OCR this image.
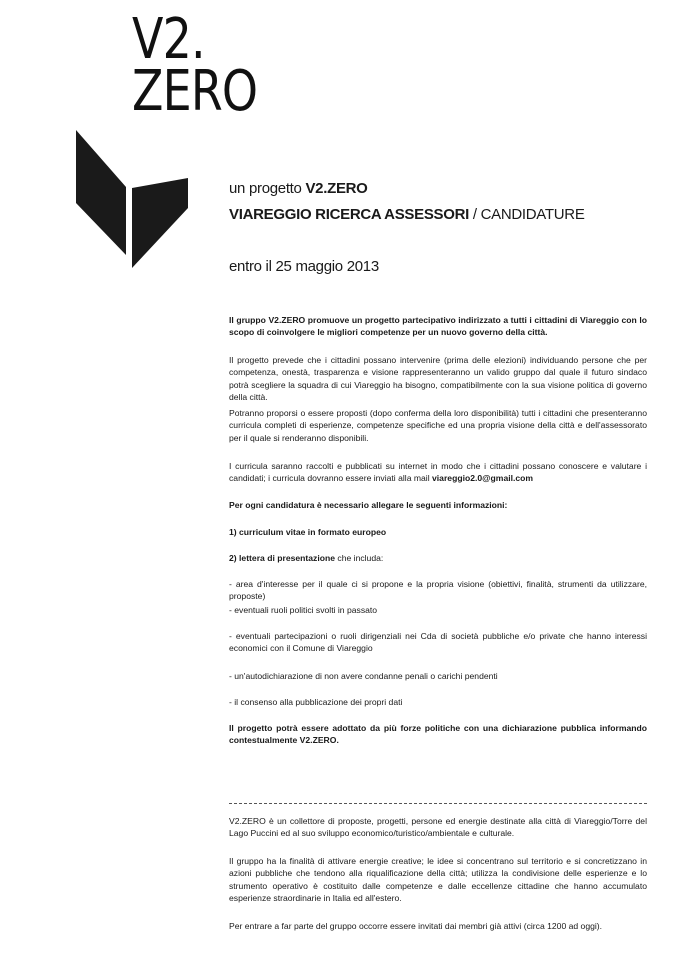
V2.
ZERO
un progetto V2.ZERO
VIAREGGIO RICERCA ASSESSORI / CANDIDATURE
entro il 25 maggio 2013

Il gruppo V2.ZERO promuove un progetto partecipativo indirizzato a tutti i cittadini di Viareggio con lo scopo di coinvolgere le migliori competenze per un nuovo governo della città.

Il progetto prevede che i cittadini possano intervenire (prima delle elezioni) individuando persone che per competenza, onestà, trasparenza e visione rappresenteranno un valido gruppo dal quale il futuro sindaco potrà scegliere la squadra di cui Viareggio ha bisogno, compatibilmente con la sua visione politica di governo della città.

Potranno proporsi o essere proposti (dopo conferma della loro disponibilità) tutti i cittadini che presenteranno curricula completi di esperienze, competenze specifiche ed una propria visione della città e dell'assessorato per il quale si renderanno disponibili.

I curricula saranno raccolti e pubblicati su internet in modo che i cittadini possano conoscere e valutare i candidati; i curricula dovranno essere inviati alla mail viareggio2.0@gmail.com

Per ogni candidatura è necessario allegare le seguenti informazioni:

1) curriculum vitae in formato europeo

2) lettera di presentazione che includa:

- area d'interesse per il quale ci si propone e la propria visione (obiettivi, finalità, strumenti da utilizzare, proposte)

- eventuali ruoli politici svolti in passato

- eventuali partecipazioni o ruoli dirigenziali nei Cda di società pubbliche e/o private che hanno interessi economici con il Comune di Viareggio

- un'autodichiarazione di non avere condanne penali o carichi pendenti

- il consenso alla pubblicazione dei propri dati

Il progetto potrà essere adottato da più forze politiche con una dichiarazione pubblica informando contestualmente V2.ZERO.

V2.ZERO è un collettore di proposte, progetti, persone ed energie destinate alla città di Viareggio/Torre del Lago Puccini ed al suo sviluppo economico/turistico/ambientale e culturale.

Il gruppo ha la finalità di attivare energie creative; le idee si concentrano sul territorio e si concretizzano in azioni pubbliche che tendono alla riqualificazione della città; utilizza la condivisione delle esperienze e lo strumento operativo è costituito dalle competenze e dalle eccellenze cittadine che hanno accumulato esperienze straordinarie in Italia ed all'estero.

Per entrare a far parte del gruppo occorre essere invitati dai membri già attivi (circa 1200 ad oggi).
